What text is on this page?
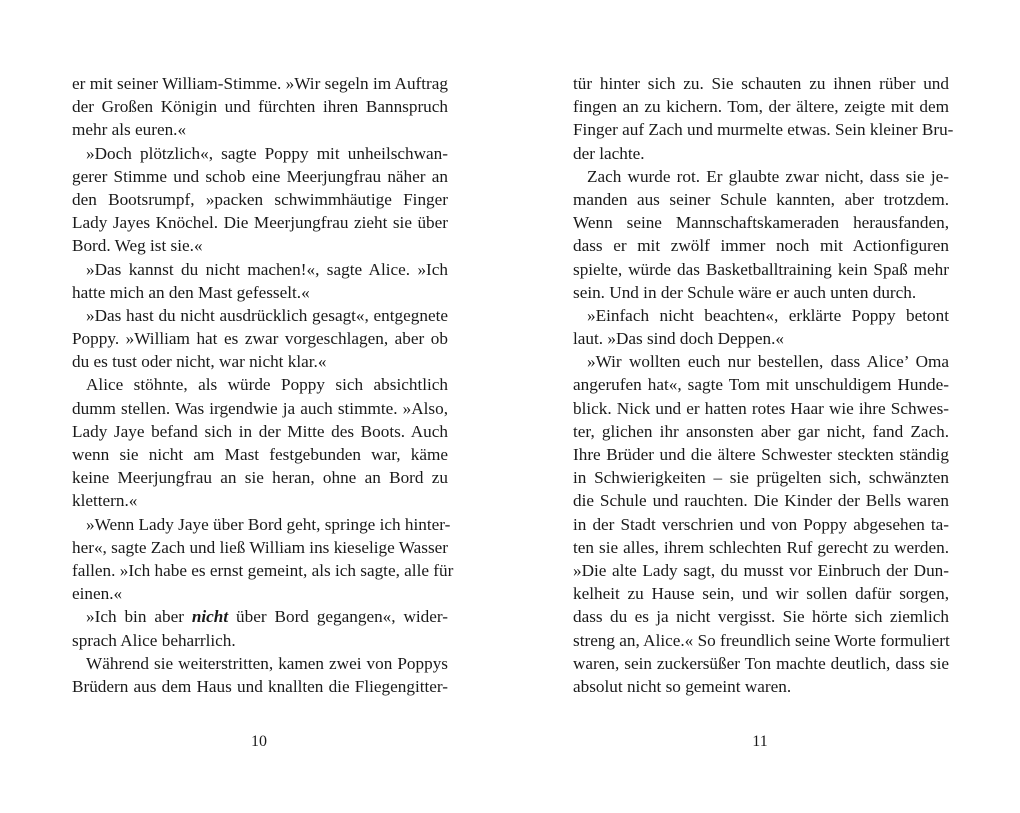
er mit seiner William-Stimme. »Wir segeln im Auftrag
der Großen Königin und fürchten ihren Bannspruch
mehr als euren.«
»Doch plötzlich«, sagte Poppy mit unheilschwan-
gerer Stimme und schob eine Meerjungfrau näher an
den Bootsrumpf, »packen schwimmhäutige Finger
Lady Jayes Knöchel. Die Meerjungfrau zieht sie über
Bord. Weg ist sie.«
»Das kannst du nicht machen!«, sagte Alice. »Ich
hatte mich an den Mast gefesselt.«
»Das hast du nicht ausdrücklich gesagt«, entgegnete
Poppy. »William hat es zwar vorgeschlagen, aber ob
du es tust oder nicht, war nicht klar.«
Alice stöhnte, als würde Poppy sich absichtlich
dumm stellen. Was irgendwie ja auch stimmte. »Also,
Lady Jaye befand sich in der Mitte des Boots. Auch
wenn sie nicht am Mast festgebunden war, käme
keine Meerjungfrau an sie heran, ohne an Bord zu
klettern.«
»Wenn Lady Jaye über Bord geht, springe ich hinter-
her«, sagte Zach und ließ William ins kieselige Wasser
fallen. »Ich habe es ernst gemeint, als ich sagte, alle für
einen.«
»Ich bin aber nicht über Bord gegangen«, wider-
sprach Alice beharrlich.
Während sie weiterstritten, kamen zwei von Poppys
Brüdern aus dem Haus und knallten die Fliegengitter-
tür hinter sich zu. Sie schauten zu ihnen rüber und
fingen an zu kichern. Tom, der ältere, zeigte mit dem
Finger auf Zach und murmelte etwas. Sein kleiner Bru-
der lachte.
Zach wurde rot. Er glaubte zwar nicht, dass sie je-
manden aus seiner Schule kannten, aber trotzdem.
Wenn seine Mannschaftskameraden herausfanden,
dass er mit zwölf immer noch mit Actionfiguren
spielte, würde das Basketballtraining kein Spaß mehr
sein. Und in der Schule wäre er auch unten durch.
»Einfach nicht beachten«, erklärte Poppy betont
laut. »Das sind doch Deppen.«
»Wir wollten euch nur bestellen, dass Alice’ Oma
angerufen hat«, sagte Tom mit unschuldigem Hunde-
blick. Nick und er hatten rotes Haar wie ihre Schwes-
ter, glichen ihr ansonsten aber gar nicht, fand Zach.
Ihre Brüder und die ältere Schwester steckten ständig
in Schwierigkeiten – sie prügelten sich, schwänzten
die Schule und rauchten. Die Kinder der Bells waren
in der Stadt verschrien und von Poppy abgesehen ta-
ten sie alles, ihrem schlechten Ruf gerecht zu werden.
»Die alte Lady sagt, du musst vor Einbruch der Dun-
kelheit zu Hause sein, und wir sollen dafür sorgen,
dass du es ja nicht vergisst. Sie hörte sich ziemlich
streng an, Alice.« So freundlich seine Worte formuliert
waren, sein zuckersüßer Ton machte deutlich, dass sie
absolut nicht so gemeint waren.
10	11
